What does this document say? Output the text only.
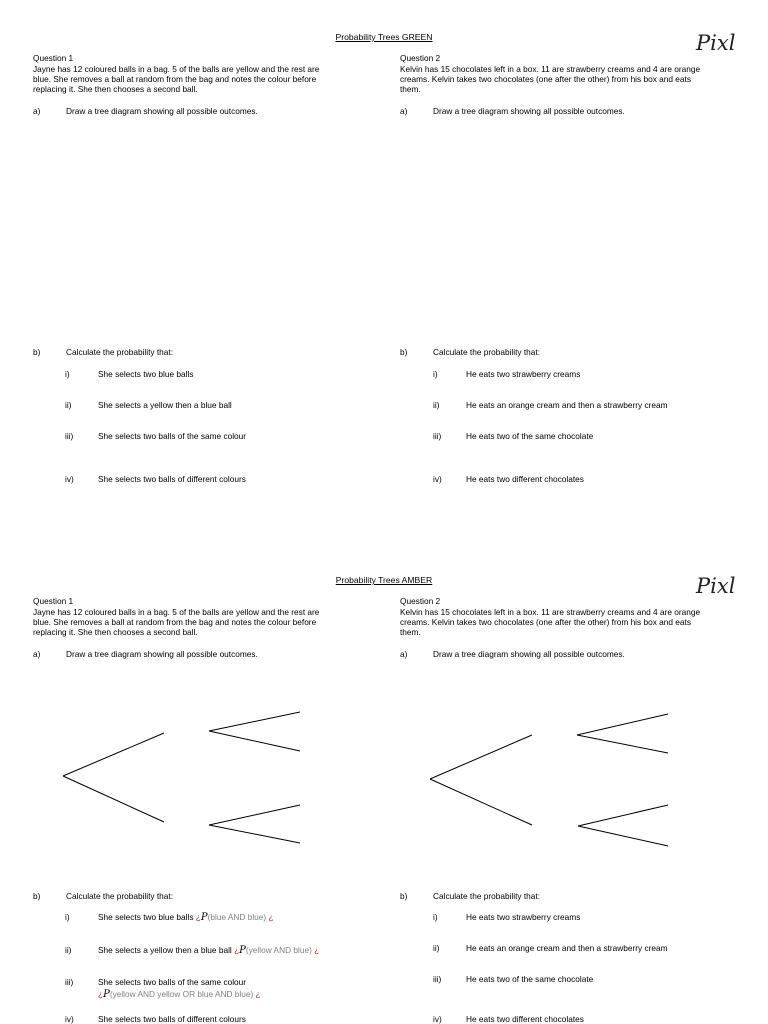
Probability Trees GREEN	Pixl
Question 1
Jayne has 12 coloured balls in a bag. 5 of the balls are yellow and the rest are
blue. She removes a ball at random from the bag and notes the colour before
replacing it. She then chooses a second ball.
a)	Draw a tree diagram showing all possible outcomes.
b)	Calculate the probability that:
i)	She selects two blue balls
ii)	She selects a yellow then a blue ball
iii)	She selects two balls of the same colour
iv)	She selects two balls of different colours
Question 2
Kelvin has 15 chocolates left in a box. 11 are strawberry creams and 4 are orange
creams. Kelvin takes two chocolates (one after the other) from his box and eats
them.
a)	Draw a tree diagram showing all possible outcomes.
b)	Calculate the probability that:
i)	He eats two strawberry creams
ii)	He eats an orange cream and then a strawberry cream
iii)	He eats two of the same chocolate
iv)	He eats two different chocolates
Probability Trees AMBER	Pixl
Question 1
Jayne has 12 coloured balls in a bag. 5 of the balls are yellow and the rest are
blue. She removes a ball at random from the bag and notes the colour before
replacing it. She then chooses a second ball.
a)	Draw a tree diagram showing all possible outcomes.
b)	Calculate the probability that:
i)	She selects two blue balls ¿P(blue AND blue) ¿
ii)	She selects a yellow then a blue ball ¿P(yellow AND blue) ¿
iii)	She selects two balls of the same colour
¿P(yellow AND yellow OR blue AND blue) ¿
iv)	She selects two balls of different colours
Question 2
Kelvin has 15 chocolates left in a box. 11 are strawberry creams and 4 are orange
creams. Kelvin takes two chocolates (one after the other) from his box and eats
them.
a)	Draw a tree diagram showing all possible outcomes.
b)	Calculate the probability that:
i)	He eats two strawberry creams
ii)	He eats an orange cream and then a strawberry cream
iii)	He eats two of the same chocolate
iv)	He eats two different chocolates
